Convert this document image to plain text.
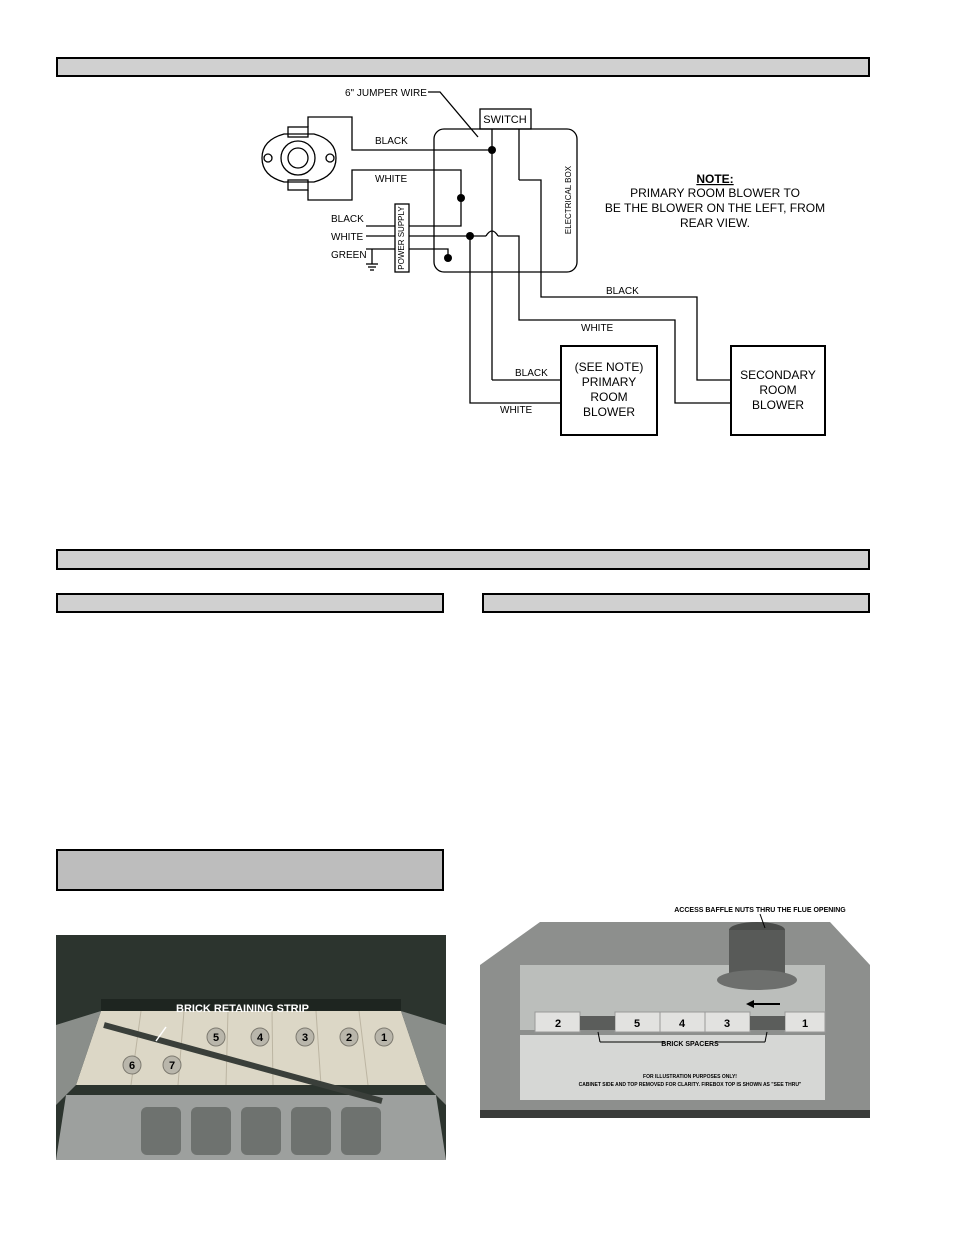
6" JUMPER WIRE
SWITCH
ELECTRICAL BOX
POWER SUPPLY
BLACK
WHITE
BLACK
WHITE
GREEN
BLACK
WHITE
BLACK
WHITE
NOTE:
PRIMARY ROOM BLOWER TO
BE THE BLOWER ON THE LEFT, FROM
REAR VIEW.
(SEE NOTE)
PRIMARY
ROOM
BLOWER
SECONDARY
ROOM
BLOWER
5	4	3	2	1
6	7
BRICK RETAINING STRIP
2	5	4	3	1
ACCESS BAFFLE NUTS THRU THE FLUE OPENING
BRICK SPACERS
FOR ILLUSTRATION PURPOSES ONLY!
CABINET SIDE AND TOP REMOVED FOR CLARITY. FIREBOX TOP IS SHOWN AS "SEE THRU"
